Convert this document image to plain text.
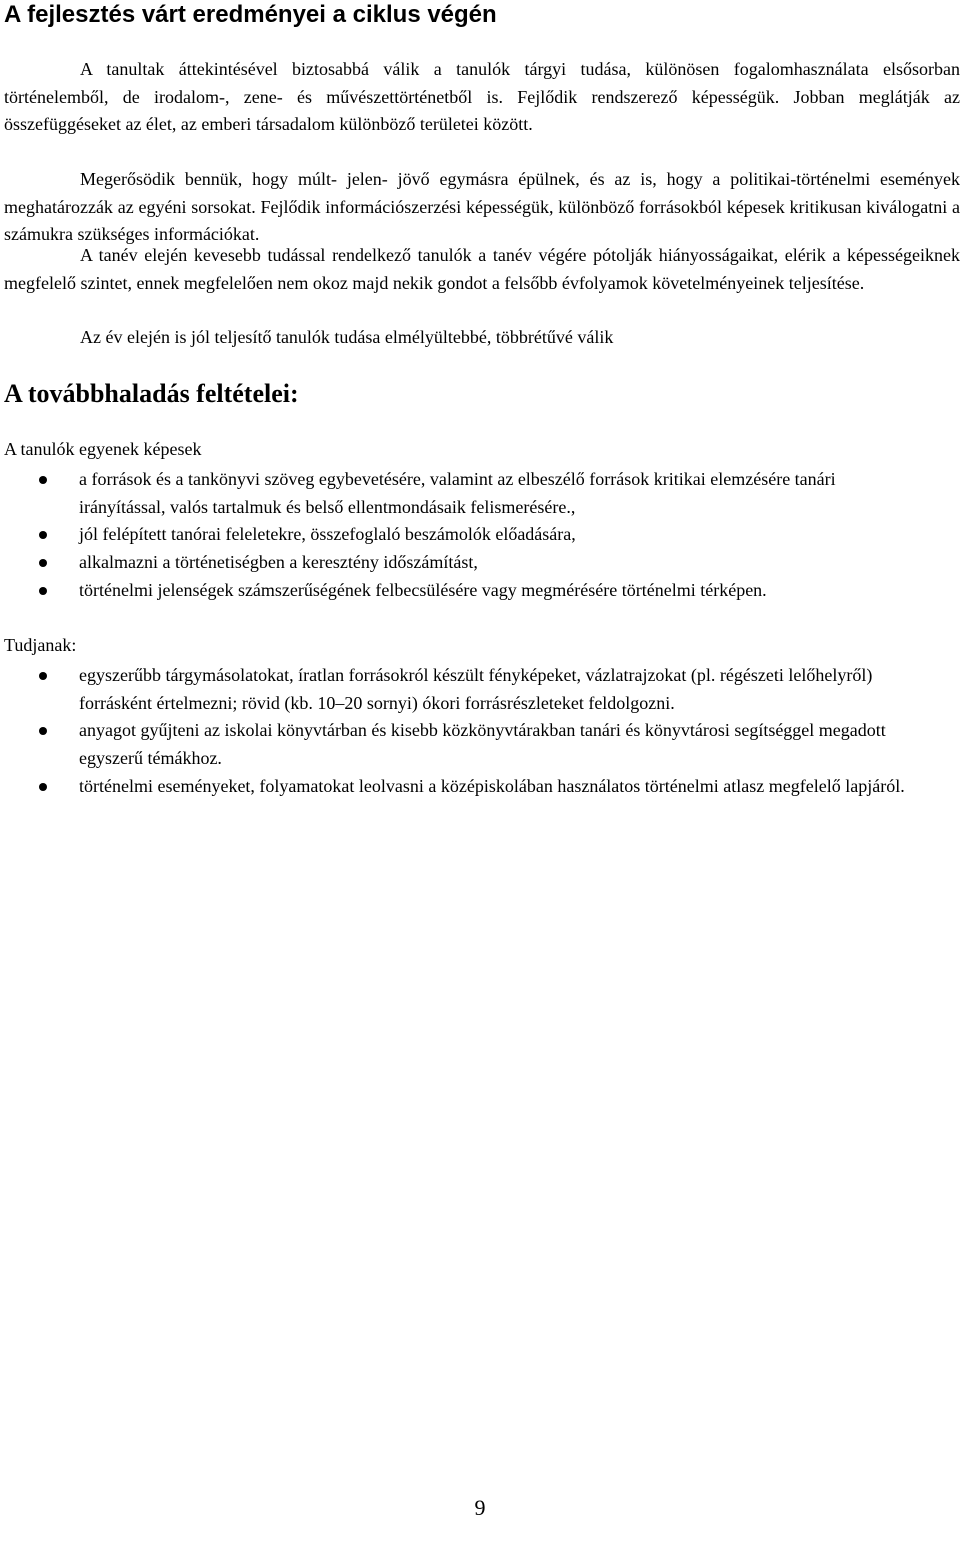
A fejlesztés várt eredményei a ciklus végén

A tanultak áttekintésével biztosabbá válik a tanulók tárgyi tudása, különösen fogalomhasználata elsősorban történelemből, de irodalom-, zene- és művészettörténetből is. Fejlődik rendszerező képességük. Jobban meglátják az összefüggéseket az élet, az emberi társadalom különböző területei között.

Megerősödik bennük, hogy múlt- jelen- jövő egymásra épülnek, és az is, hogy a politikai-történelmi események meghatározzák az egyéni sorsokat. Fejlődik információszerzési képességük, különböző forrásokból képesek kritikusan kiválogatni a számukra szükséges információkat.

A tanév elején kevesebb tudással rendelkező tanulók a tanév végére pótolják hiányosságaikat, elérik a képességeiknek megfelelő szintet, ennek megfelelően nem okoz majd nekik gondot a felsőbb évfolyamok követelményeinek teljesítése.

Az év elején is jól teljesítő tanulók tudása elmélyültebbé, többrétűvé válik

A továbbhaladás feltételei:

A tanulók egyenek képesek

a források és a tankönyvi szöveg egybevetésére, valamint az elbeszélő források kritikai elemzésére tanári irányítással, valós tartalmuk és belső ellentmondásaik felismerésére.,
jól felépített tanórai feleletekre, összefoglaló beszámolók előadására,
alkalmazni a történetiségben a keresztény időszámítást,
történelmi jelenségek számszerűségének felbecsülésére vagy megmérésére történelmi térképen.

Tudjanak:

egyszerűbb tárgymásolatokat, íratlan forrásokról készült fényképeket, vázlatrajzokat (pl. régészeti lelőhelyről) forrásként értelmezni; rövid (kb. 10–20 sornyi) ókori forrásrészleteket feldolgozni.
anyagot gyűjteni az iskolai könyvtárban és kisebb közkönyvtárakban tanári és könyvtárosi segítséggel megadott egyszerű témákhoz.
történelmi eseményeket, folyamatokat leolvasni a középiskolában használatos történelmi atlasz megfelelő lapjáról.
9
